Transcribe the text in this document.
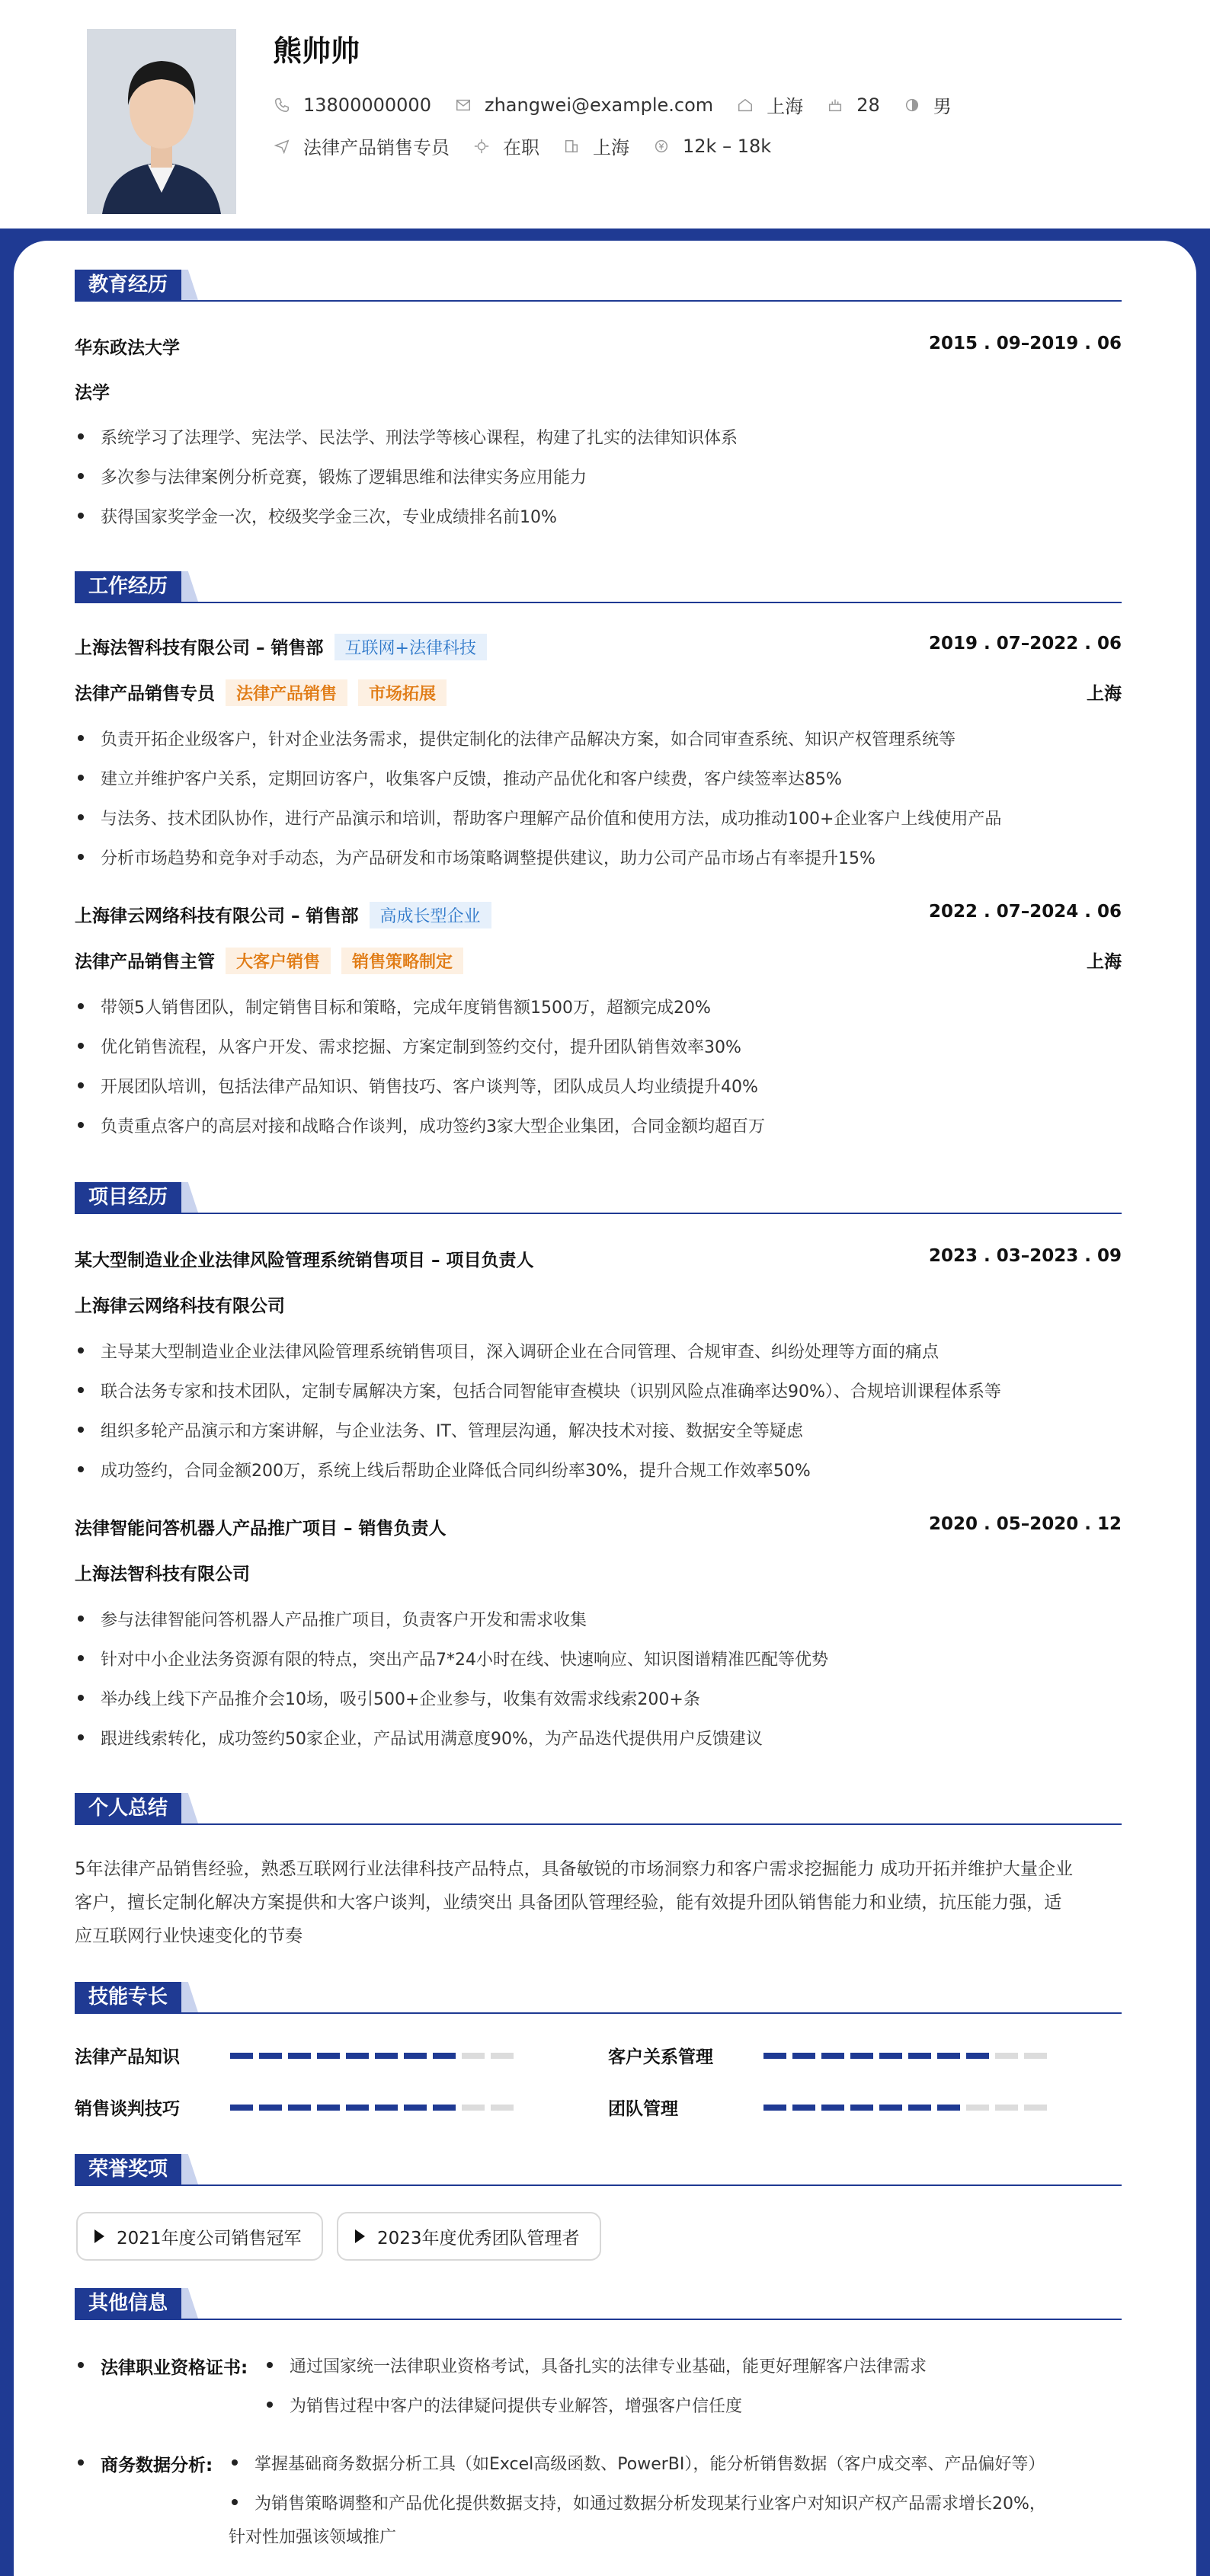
熊帅帅
13800000000	zhangwei@example.com	上海	28	男
法律产品销售专员	在职	上海	12k – 18k
教育经历
华东政法大学	2015 . 09–2019 . 06
法学
系统学习了法理学、宪法学、民法学、刑法学等核心课程，构建了扎实的法律知识体系
多次参与法律案例分析竞赛，锻炼了逻辑思维和法律实务应用能力
获得国家奖学金一次，校级奖学金三次，专业成绩排名前10%
工作经历
上海法智科技有限公司 – 销售部 互联网+法律科技	2019 . 07–2022 . 06
法律产品销售专员 法律产品销售 市场拓展	上海
负责开拓企业级客户，针对企业法务需求，提供定制化的法律产品解决方案，如合同审查系统、知识产权管理系统等
建立并维护客户关系，定期回访客户，收集客户反馈，推动产品优化和客户续费，客户续签率达85%
与法务、技术团队协作，进行产品演示和培训，帮助客户理解产品价值和使用方法，成功推动100+企业客户上线使用产品
分析市场趋势和竞争对手动态，为产品研发和市场策略调整提供建议，助力公司产品市场占有率提升15%
上海律云网络科技有限公司 – 销售部 高成长型企业	2022 . 07–2024 . 06
法律产品销售主管 大客户销售 销售策略制定	上海
带领5人销售团队，制定销售目标和策略，完成年度销售额1500万，超额完成20%
优化销售流程，从客户开发、需求挖掘、方案定制到签约交付，提升团队销售效率30%
开展团队培训，包括法律产品知识、销售技巧、客户谈判等，团队成员人均业绩提升40%
负责重点客户的高层对接和战略合作谈判，成功签约3家大型企业集团，合同金额均超百万
项目经历
某大型制造业企业法律风险管理系统销售项目 – 项目负责人	2023 . 03–2023 . 09
上海律云网络科技有限公司
主导某大型制造业企业法律风险管理系统销售项目，深入调研企业在合同管理、合规审查、纠纷处理等方面的痛点
联合法务专家和技术团队，定制专属解决方案，包括合同智能审查模块（识别风险点准确率达90%）、合规培训课程体系等
组织多轮产品演示和方案讲解，与企业法务、IT、管理层沟通，解决技术对接、数据安全等疑虑
成功签约，合同金额200万，系统上线后帮助企业降低合同纠纷率30%，提升合规工作效率50%
法律智能问答机器人产品推广项目 – 销售负责人	2020 . 05–2020 . 12
上海法智科技有限公司
参与法律智能问答机器人产品推广项目，负责客户开发和需求收集
针对中小企业法务资源有限的特点，突出产品7*24小时在线、快速响应、知识图谱精准匹配等优势
举办线上线下产品推介会10场，吸引500+企业参与，收集有效需求线索200+条
跟进线索转化，成功签约50家企业，产品试用满意度90%，为产品迭代提供用户反馈建议
个人总结
5年法律产品销售经验，熟悉互联网行业法律科技产品特点，具备敏锐的市场洞察力和客户需求挖掘能力 成功开拓并维护大量企业
客户，擅长定制化解决方案提供和大客户谈判，业绩突出 具备团队管理经验，能有效提升团队销售能力和业绩，抗压能力强，适
应互联网行业快速变化的节奏
技能专长
法律产品知识	客户关系管理
销售谈判技巧	团队管理
荣誉奖项
2021年度公司销售冠军	2023年度优秀团队管理者
其他信息
法律职业资格证书:	通过国家统一法律职业资格考试，具备扎实的法律专业基础，能更好理解客户法律需求
为销售过程中客户的法律疑问提供专业解答，增强客户信任度
商务数据分析:	掌握基础商务数据分析工具（如Excel高级函数、PowerBI），能分析销售数据（客户成交率、产品偏好等）
为销售策略调整和产品优化提供数据支持，如通过数据分析发现某行业客户对知识产权产品需求增长20%，
针对性加强该领域推广
